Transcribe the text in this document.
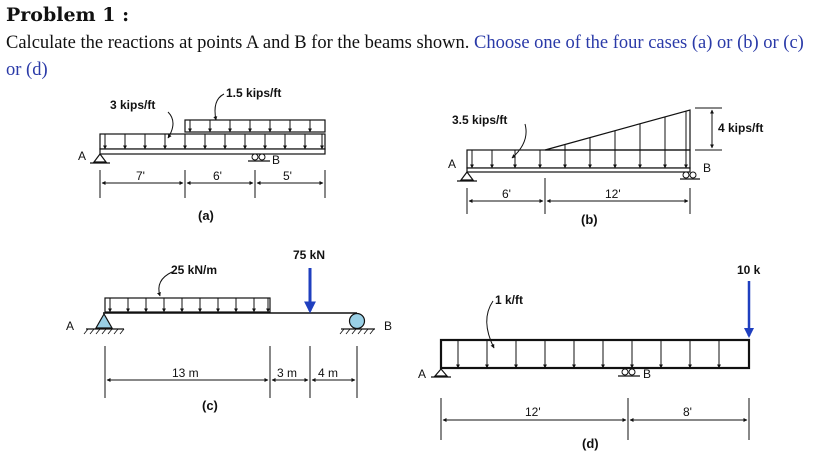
Problem 1 :
Calculate the reactions at points A and B for the beams shown. Choose one of the four cases (a) or (b) or (c) or (d)
A	B
3 kips/ft
1.5 kips/ft
7'	6'	5'
(a)
A	B
3.5 kips/ft
4 kips/ft
6'	12'
(b)
A	B
75 kN
25 kN/m
13 m	3 m 4 m
(c)
A	B
10 k
1 k/ft
12'	8'
(d)
